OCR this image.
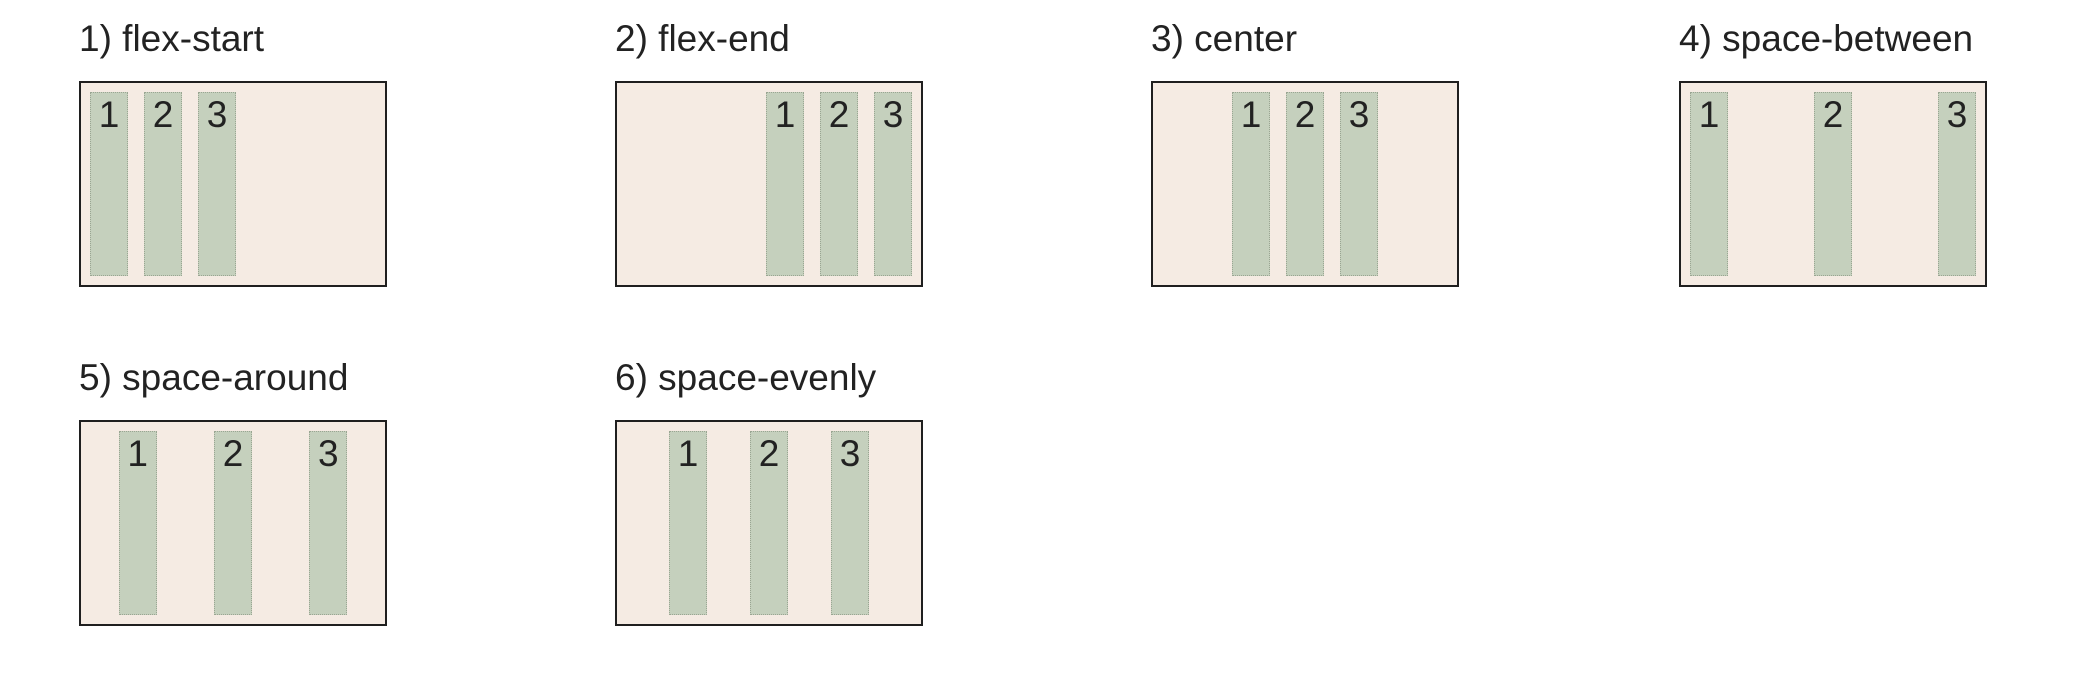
1) flex-start
1 2 3
2) flex-end
1 2 3
3) center
1 2 3
4) space-between
1	2	3
5) space-around
1 2 3
6) space-evenly
1 2 3
